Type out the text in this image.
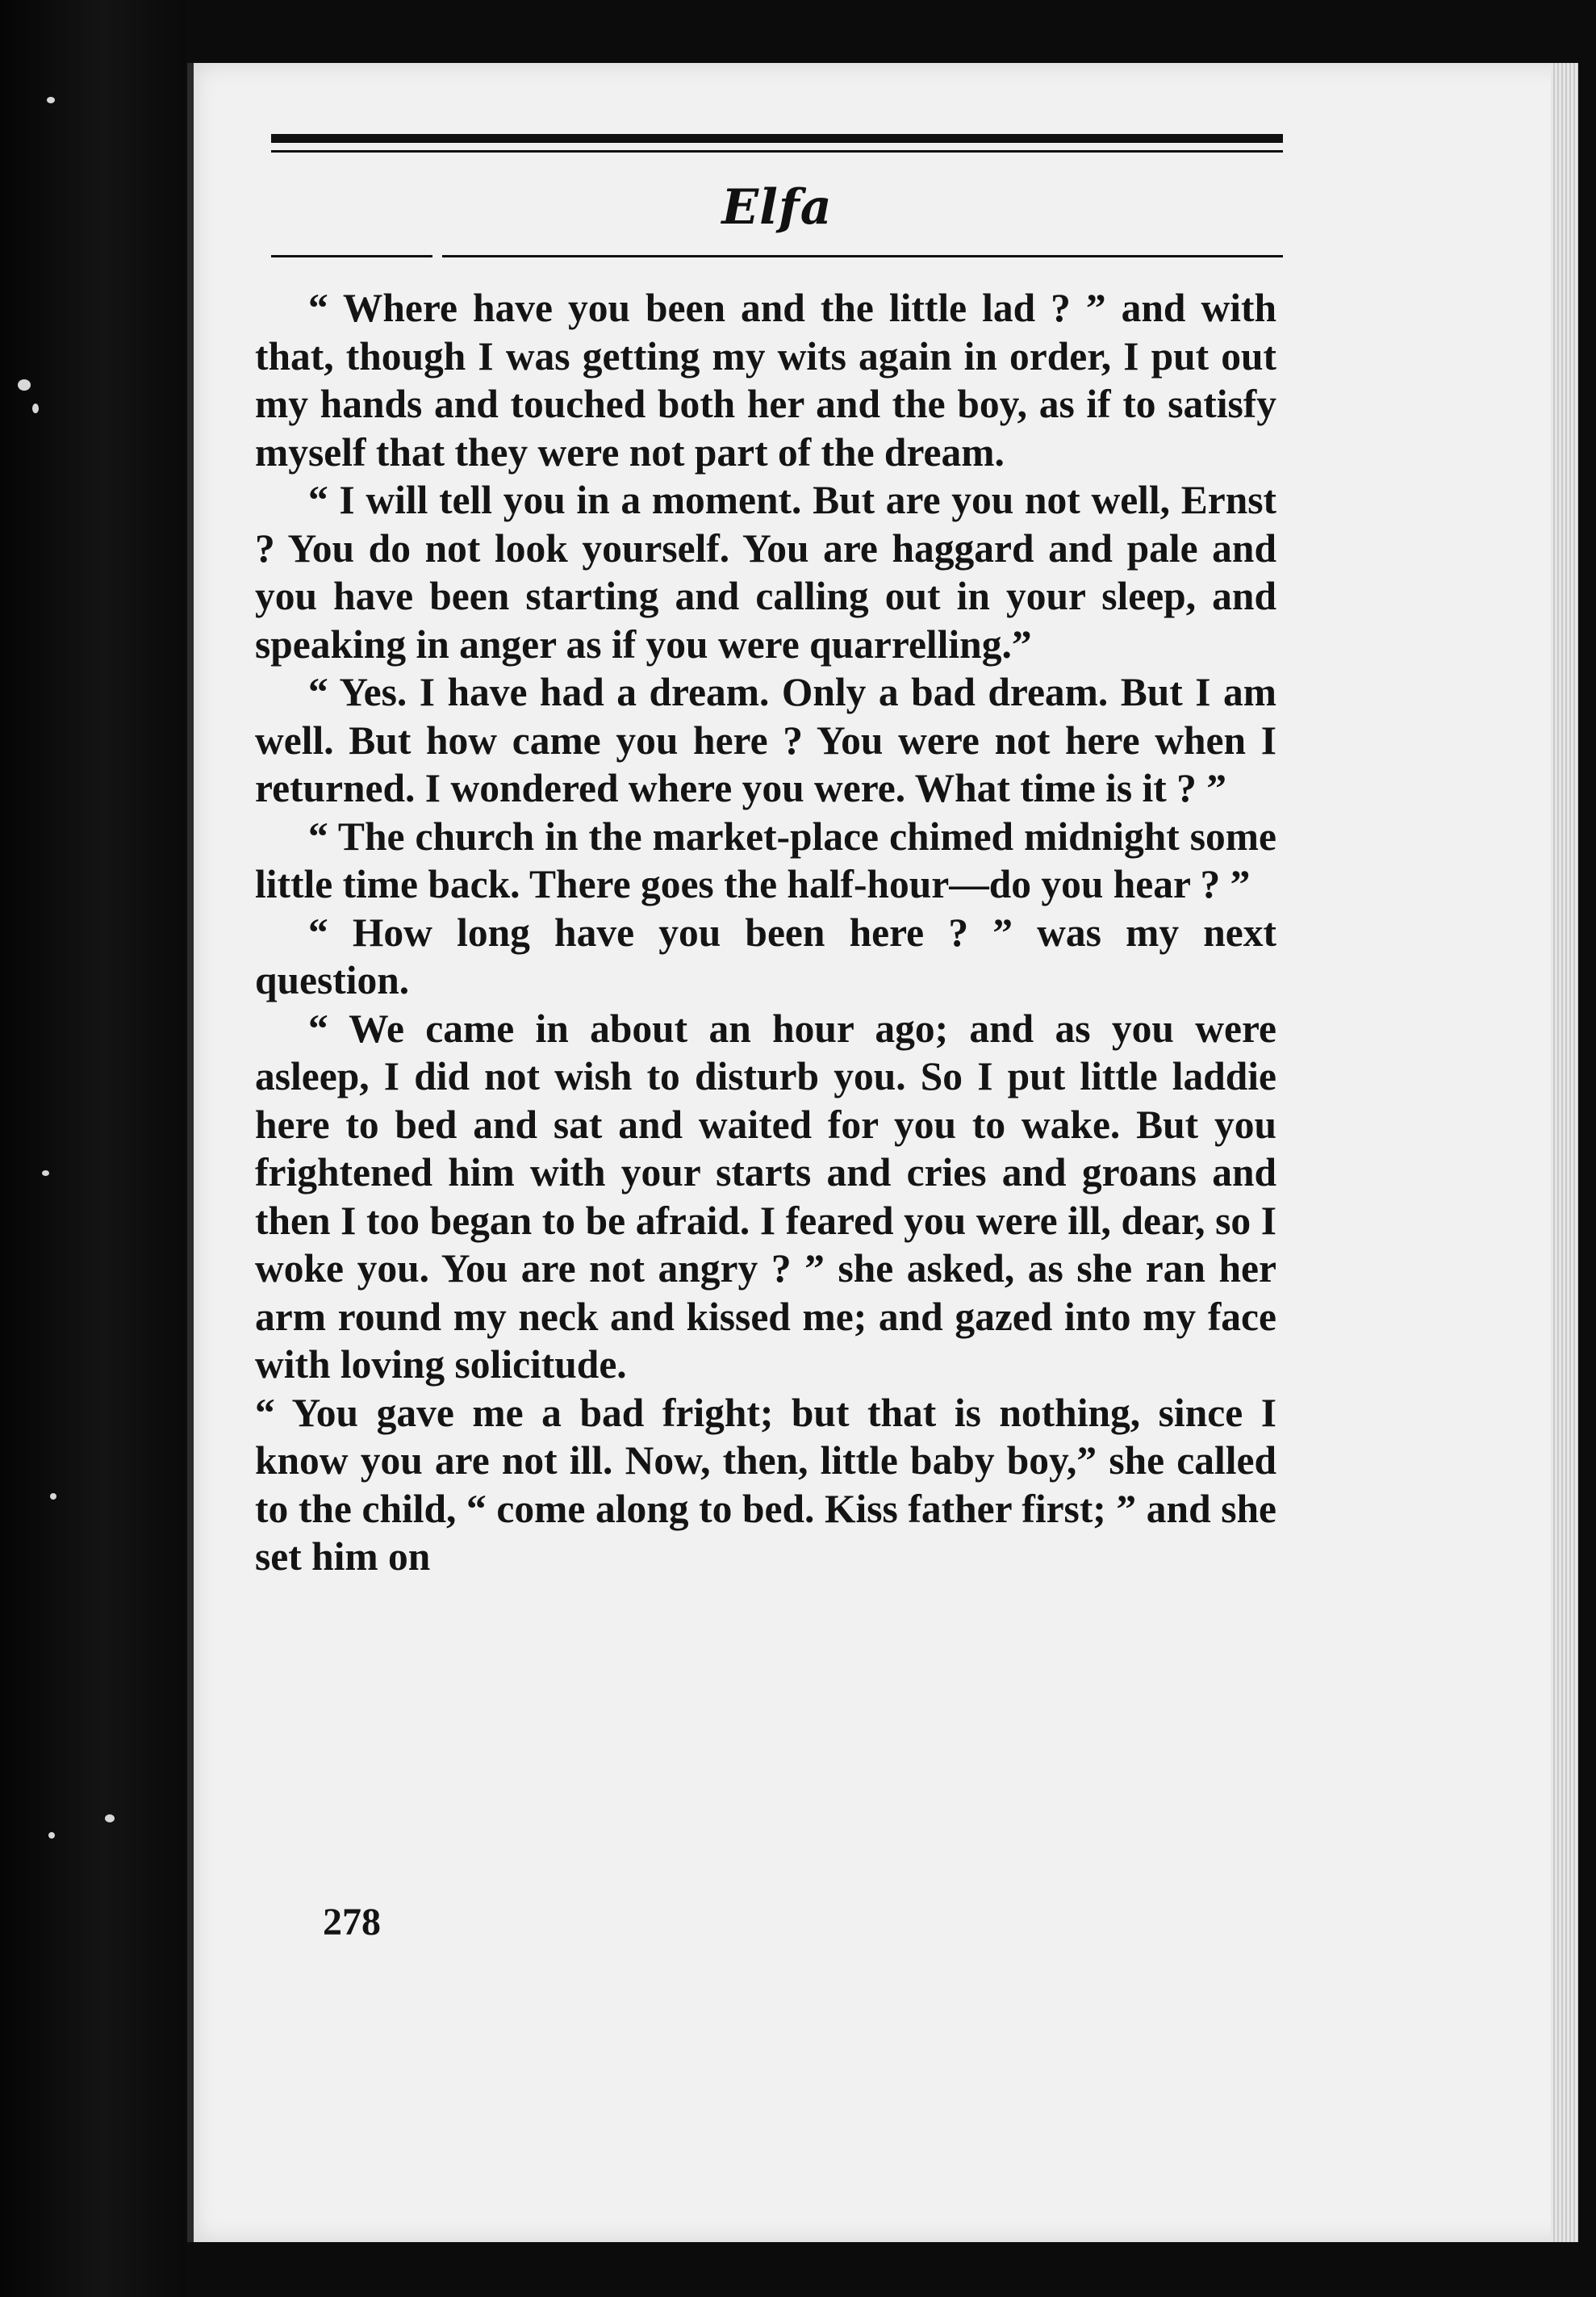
Elfa

“ Where have you been and the little lad ? ” and with that, though I was getting my wits again in order, I put out my hands and touched both her and the boy, as if to satisfy myself that they were not part of the dream.

“ I will tell you in a moment. But are you not well, Ernst ? You do not look yourself. You are haggard and pale and you have been starting and calling out in your sleep, and speaking in anger as if you were quarrelling.”

“ Yes. I have had a dream. Only a bad dream. But I am well. But how came you here ? You were not here when I returned. I wondered where you were. What time is it ? ”

“ The church in the market-place chimed midnight some little time back. There goes the half-hour—do you hear ? ”

“ How long have you been here ? ” was my next question.

“ We came in about an hour ago; and as you were asleep, I did not wish to disturb you. So I put little laddie here to bed and sat and waited for you to wake. But you frightened him with your starts and cries and groans and then I too began to be afraid. I feared you were ill, dear, so I woke you. You are not angry ? ” she asked, as she ran her arm round my neck and kissed me; and gazed into my face with loving solicitude.

“ You gave me a bad fright; but that is nothing, since I know you are not ill. Now, then, little baby boy,” she called to the child, “ come along to bed. Kiss father first; ” and she set him on

278
